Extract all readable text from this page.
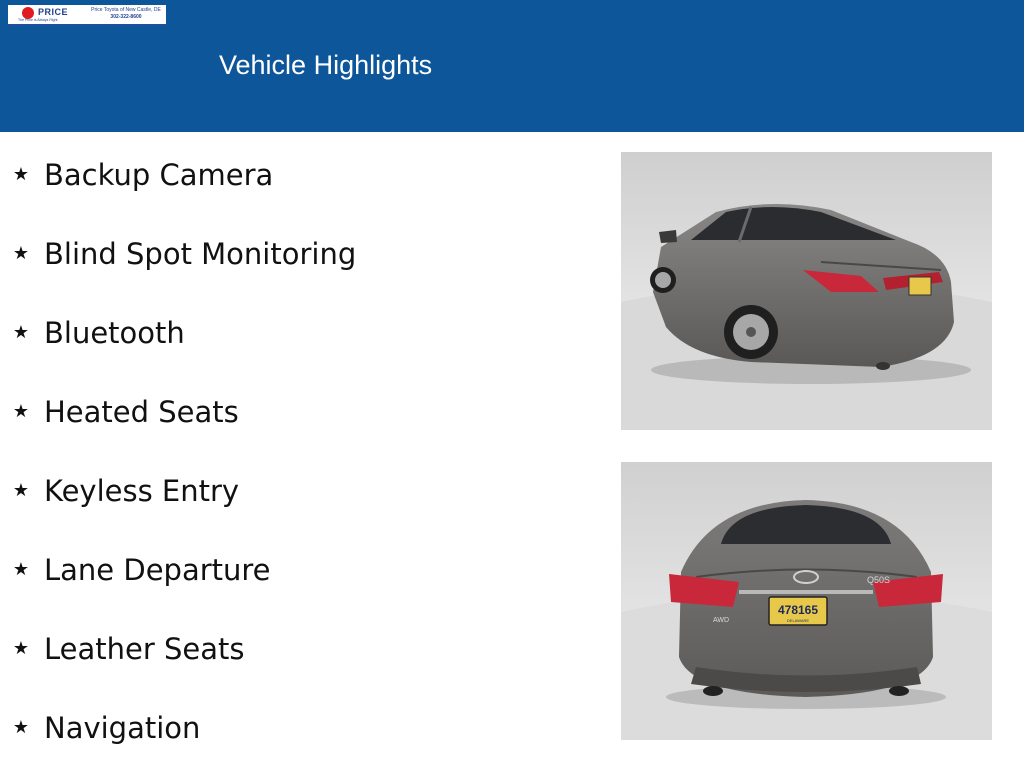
PRICE	Price Toyota of New Castle, DE
302-322-8600
The Price is Always Right
Vehicle Highlights
★ Backup Camera
★ Blind Spot Monitoring
★ Bluetooth
★ Heated Seats
★ Keyless Entry
★ Lane Departure
★ Leather Seats
★ Navigation
Q50S
AWD
478165
DELAWARE
